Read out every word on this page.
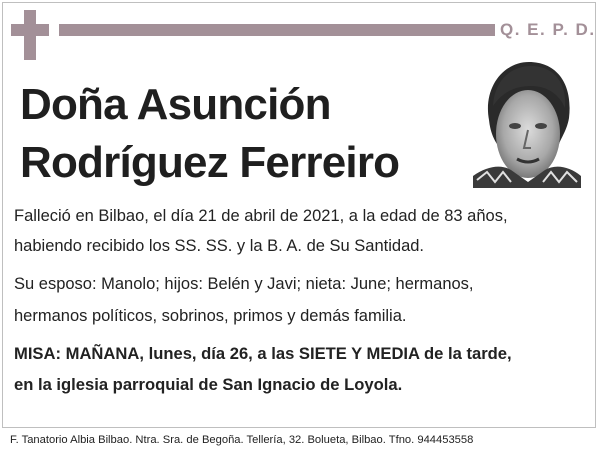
Q. E. P. D.
Doña Asunción
Rodríguez Ferreiro
Falleció en Bilbao, el día 21 de abril de 2021, a la edad de 83 años,
habiendo recibido los SS. SS. y la B. A. de Su Santidad.
Su esposo: Manolo; hijos: Belén y Javi; nieta: June; hermanos,
hermanos políticos, sobrinos, primos y demás familia.
MISA: MAÑANA, lunes, día 26, a las SIETE Y MEDIA de la tarde,
en la iglesia parroquial de San Ignacio de Loyola.
F. Tanatorio Albia Bilbao. Ntra. Sra. de Begoña. Tellería, 32. Bolueta, Bilbao. Tfno. 944453558
